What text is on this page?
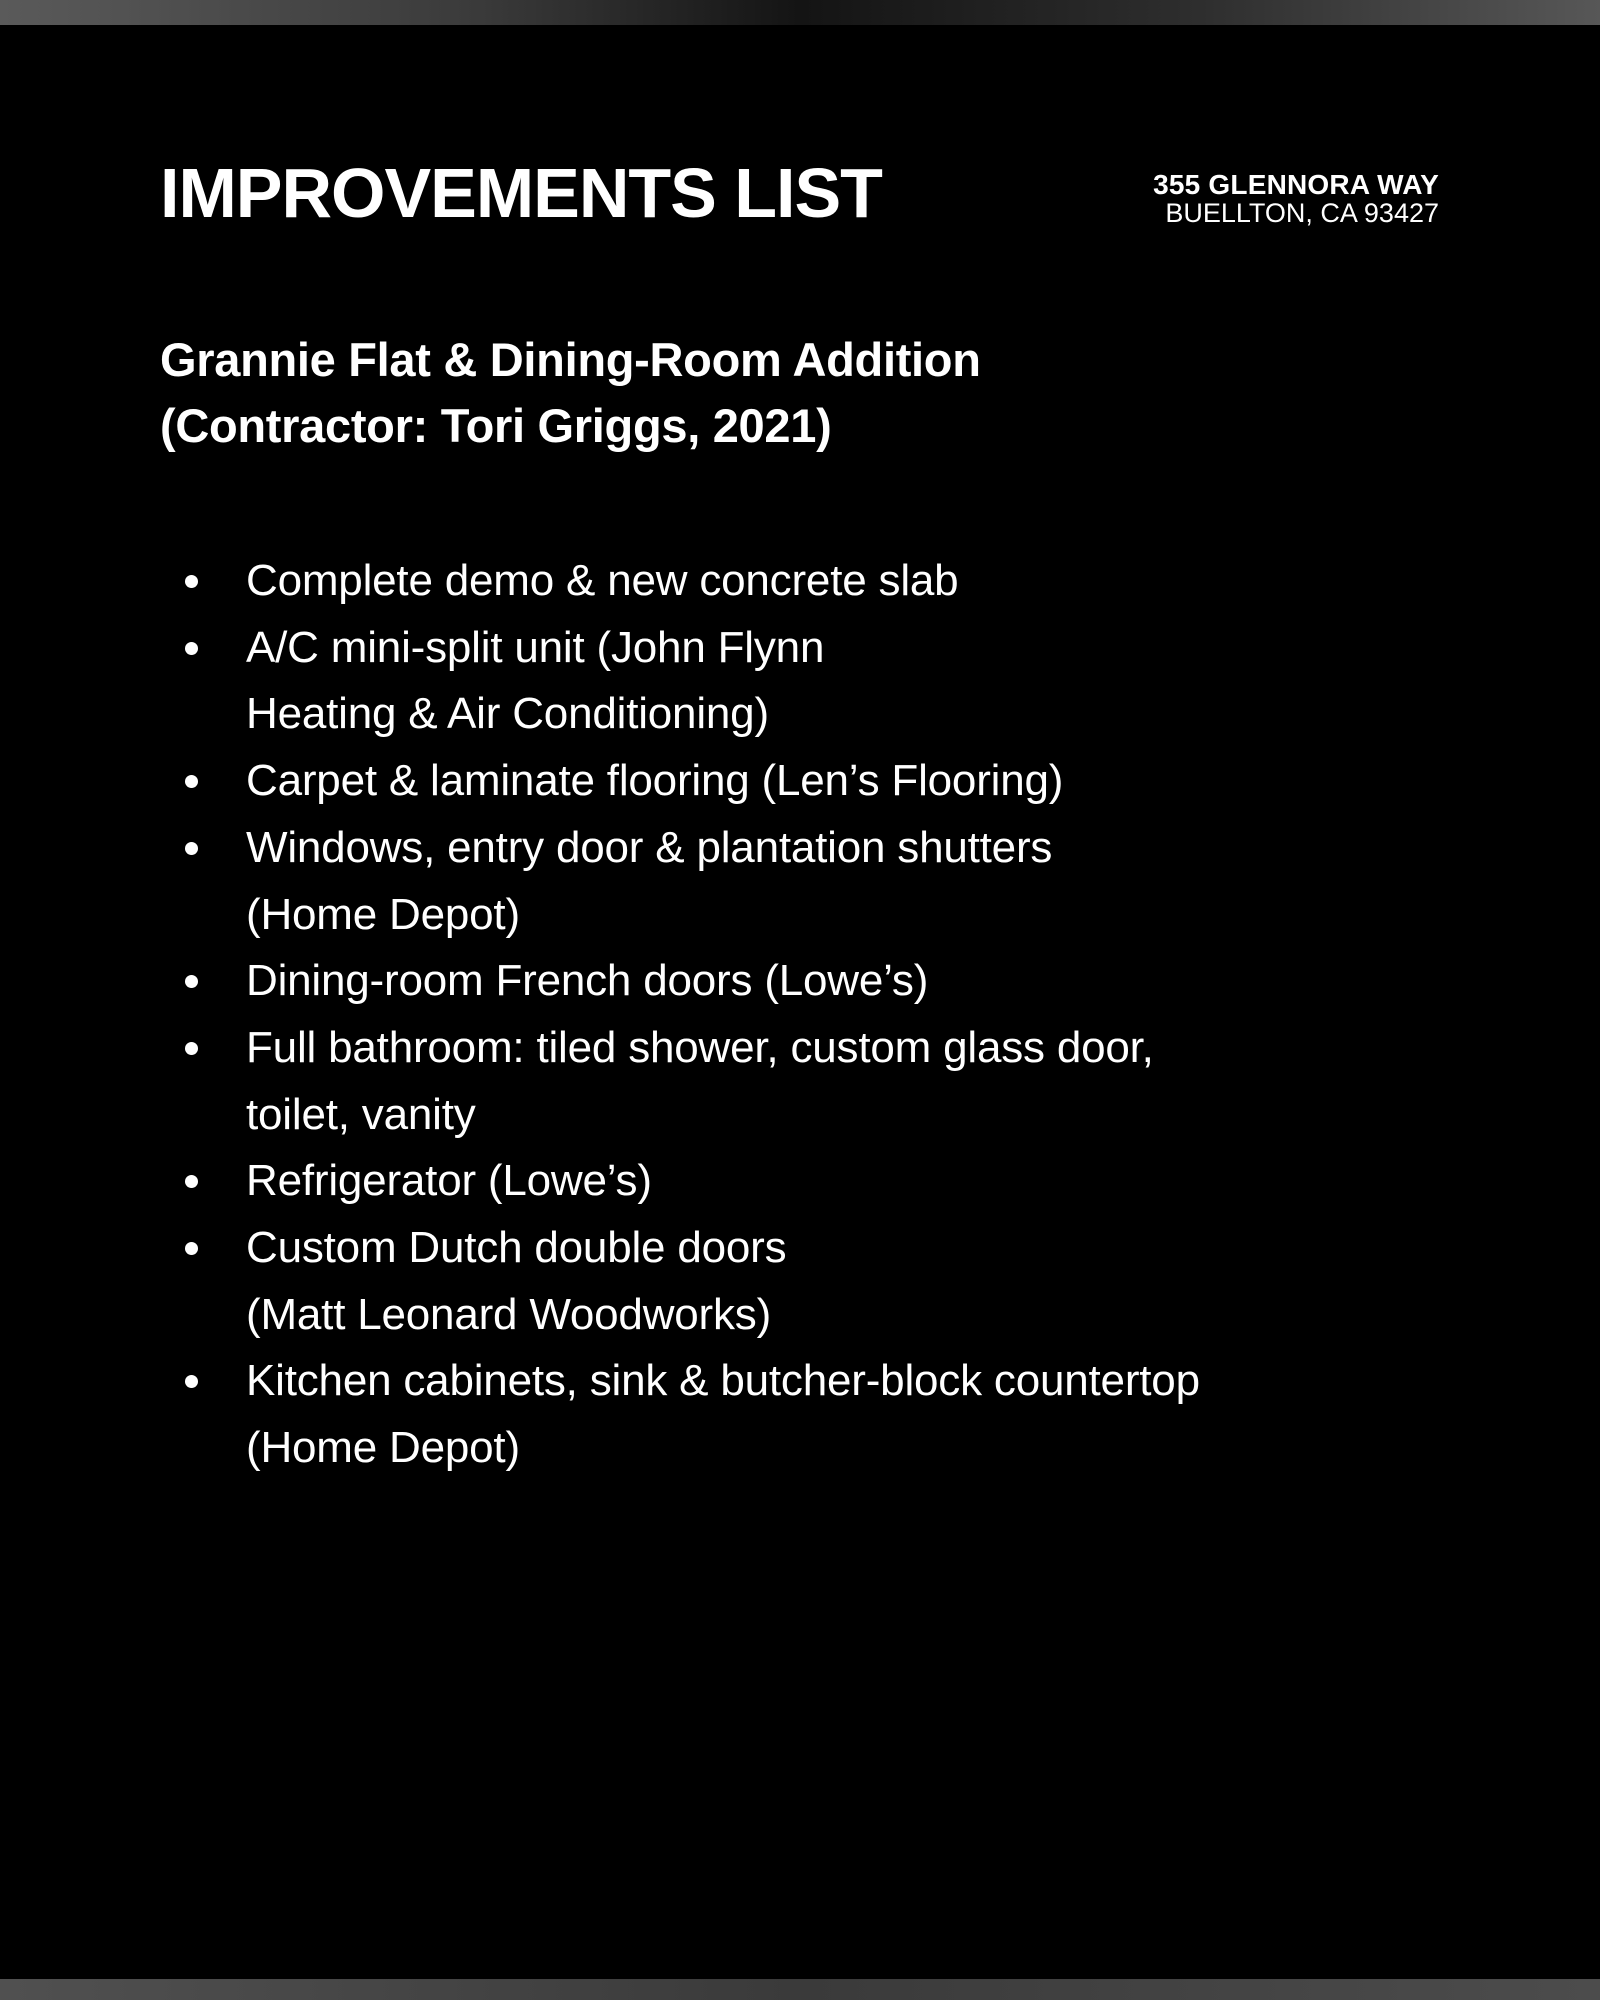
IMPROVEMENTS LIST	355 GLENNORA WAY
BUELLTON, CA 93427
Grannie Flat & Dining-Room Addition
(Contractor: Tori Griggs, 2021)
Complete demo & new concrete slab
A/C mini-split unit (John Flynn
Heating & Air Conditioning)
Carpet & laminate flooring (Len’s Flooring)
Windows, entry door & plantation shutters
(Home Depot)
Dining-room French doors (Lowe’s)
Full bathroom: tiled shower, custom glass door,
toilet, vanity
Refrigerator (Lowe’s)
Custom Dutch double doors
(Matt Leonard Woodworks)
Kitchen cabinets, sink & butcher-block countertop
(Home Depot)
